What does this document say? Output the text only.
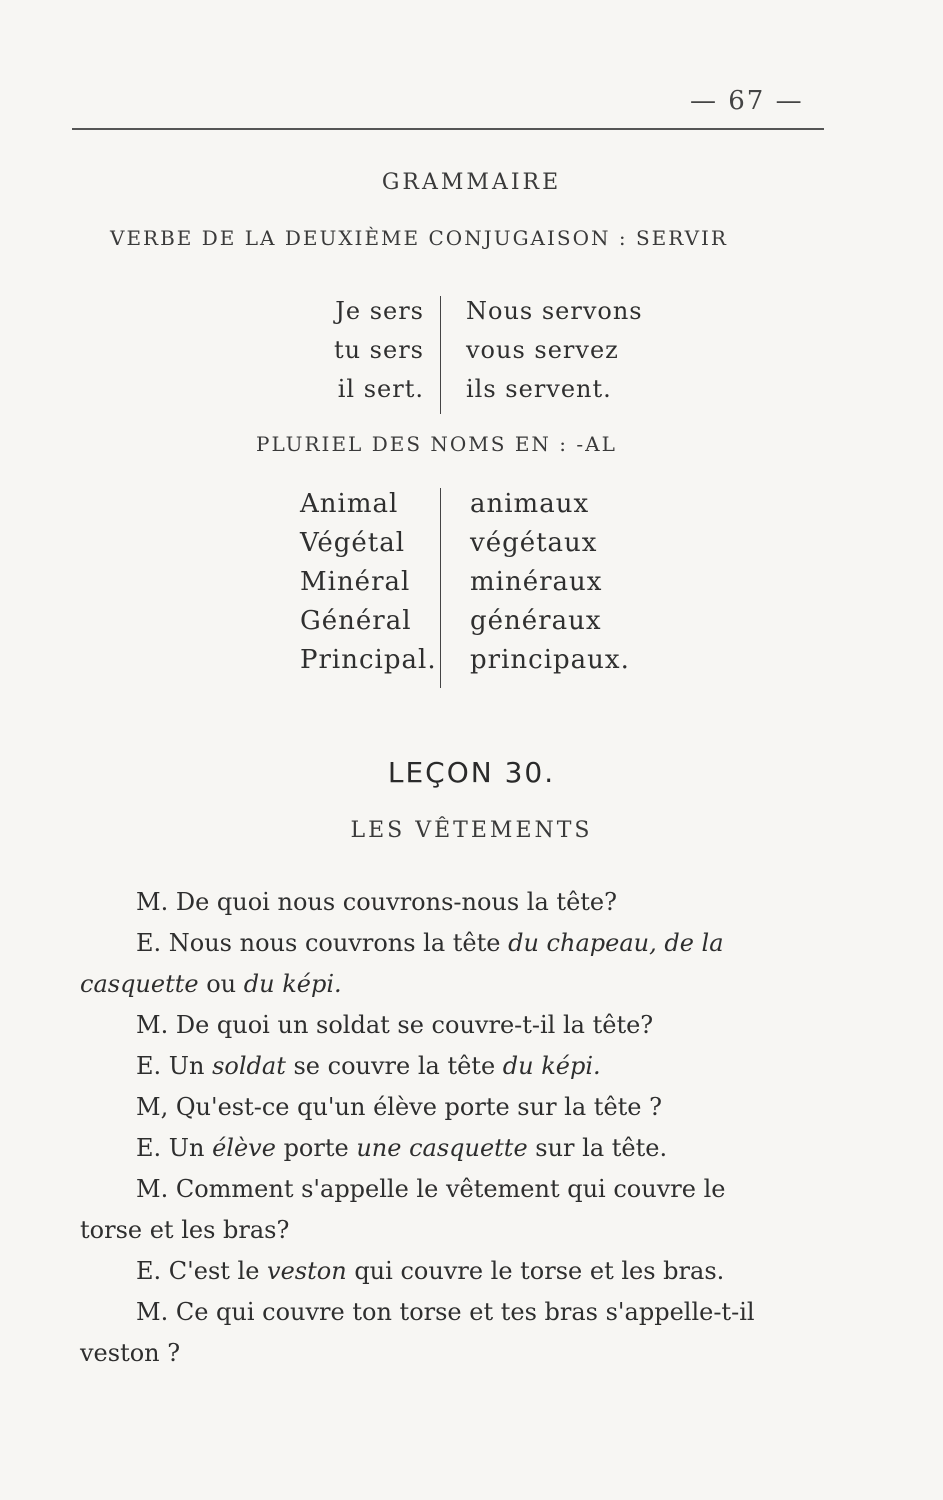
— 67 —
GRAMMAIRE
VERBE DE LA DEUXIÈME CONJUGAISON : SERVIR
Je sers
tu sers
il sert.
Nous servons
vous servez
ils servent.
PLURIEL DES NOMS EN : -AL
Animal
Végétal
Minéral
Général
Principal.
animaux
végétaux
minéraux
généraux
principaux.
LEÇON 30.
LES VÊTEMENTS
M. De quoi nous couvrons-nous la tête?
E. Nous nous couvrons la tête du chapeau, de la
casquette ou du képi.
M. De quoi un soldat se couvre-t-il la tête?
E. Un soldat se couvre la tête du képi.
M, Qu'est-ce qu'un élève porte sur la tête ?
E. Un élève porte une casquette sur la tête.
M. Comment s'appelle le vêtement qui couvre le
torse et les bras?
E. C'est le veston qui couvre le torse et les bras.
M. Ce qui couvre ton torse et tes bras s'appelle-t-il
veston ?
